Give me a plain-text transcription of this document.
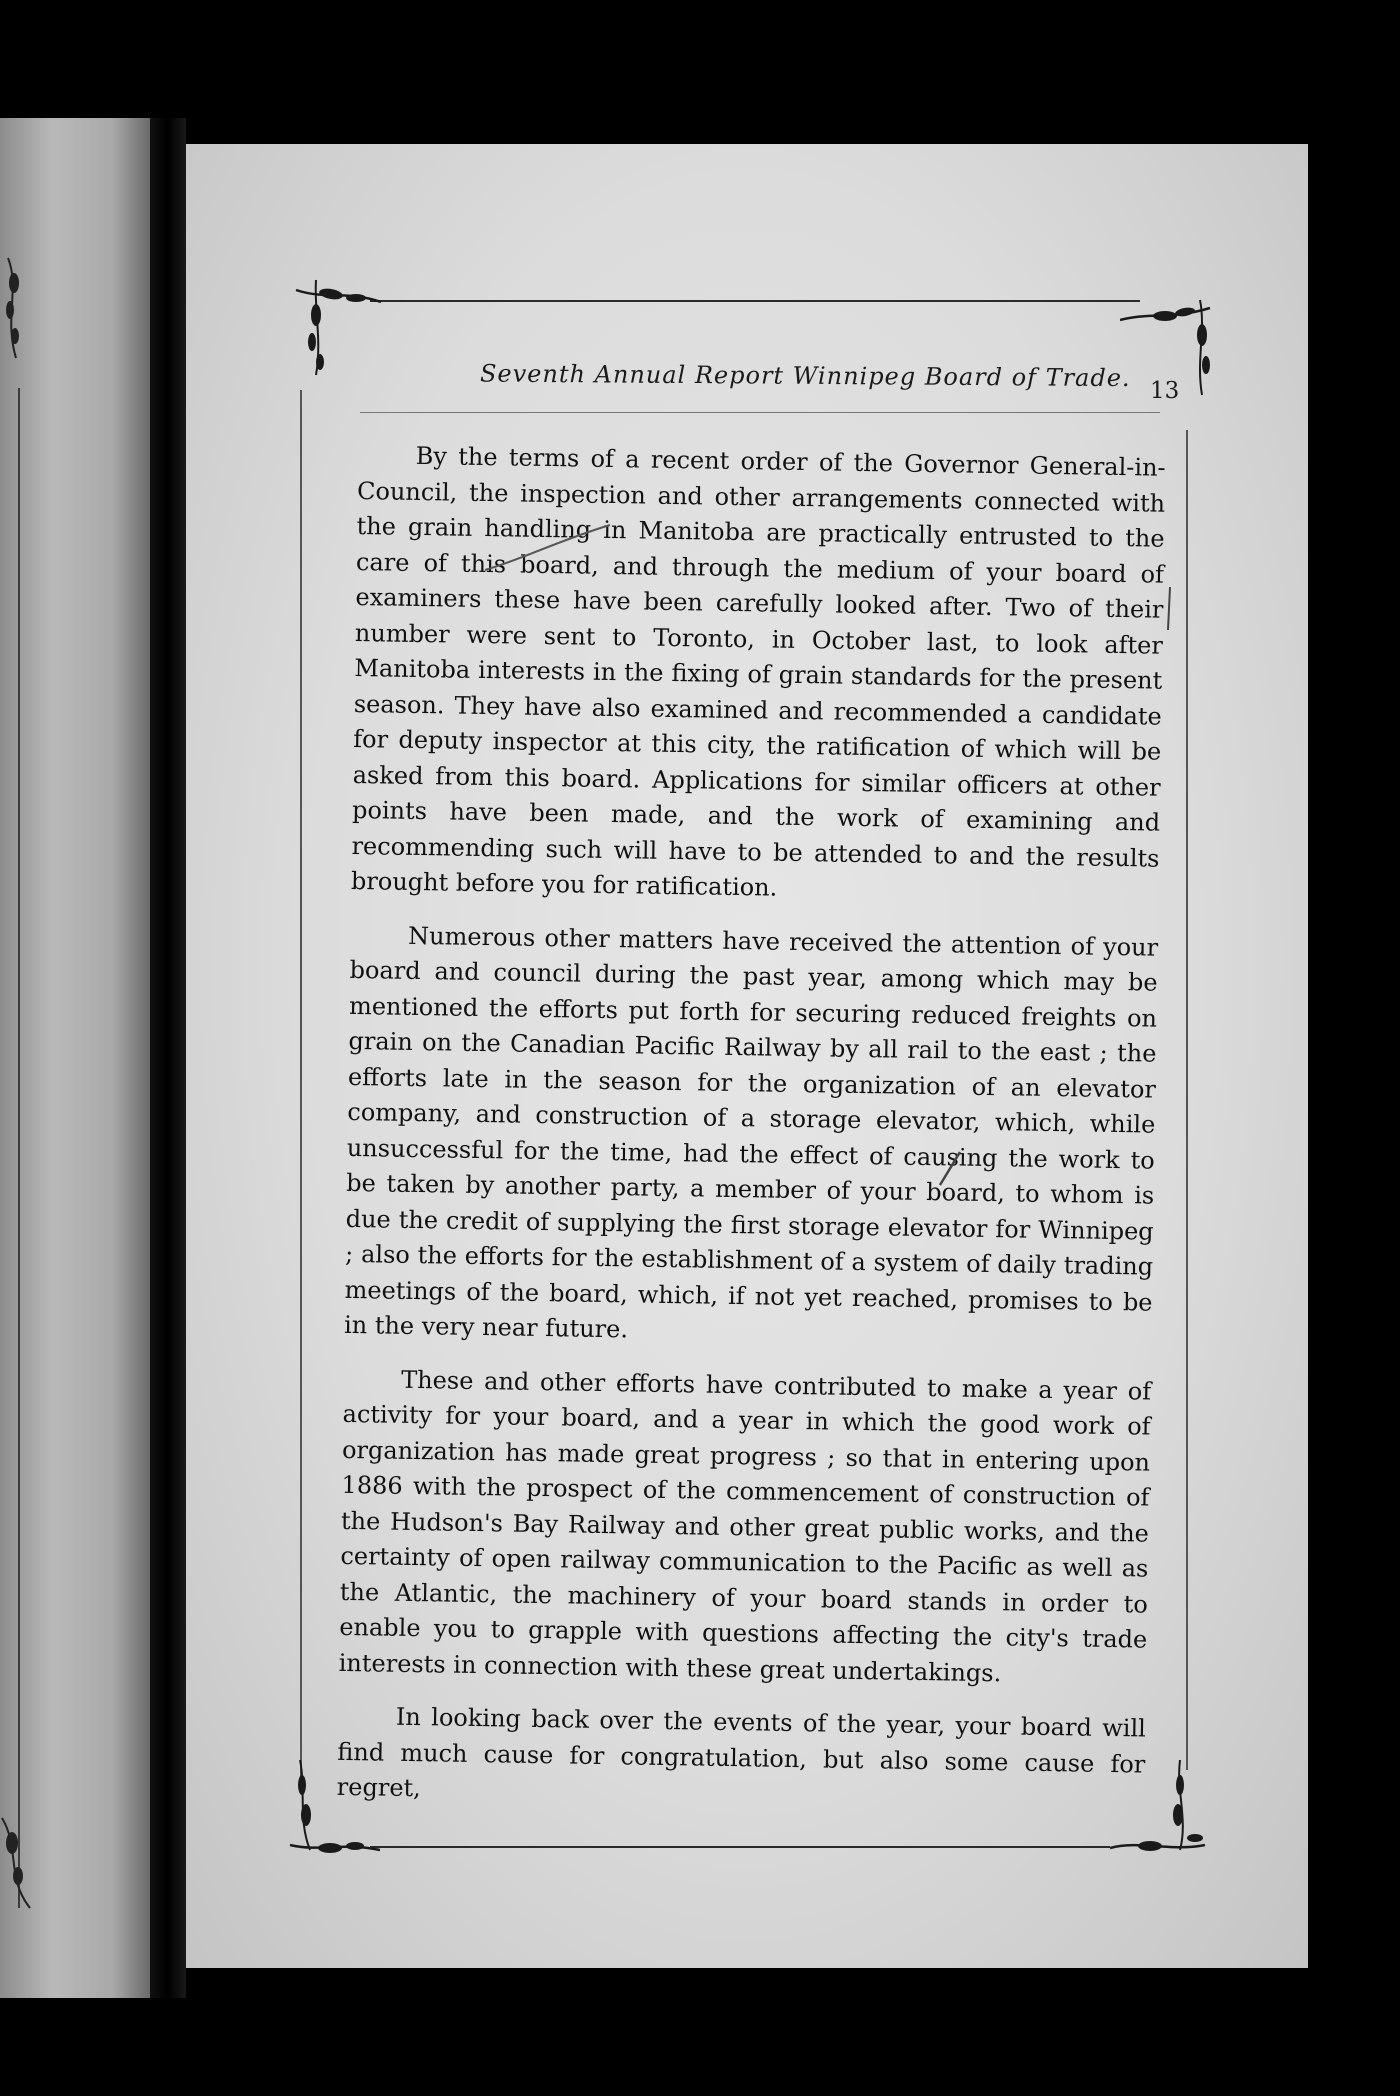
Seventh Annual Report Winnipeg Board of Trade. 13

By the terms of a recent order of the Governor General-in-Council, the inspection and other arrangements connected with the grain handling in Manitoba are practically entrusted to the care of this board, and through the medium of your board of examiners these have been carefully looked after. Two of their number were sent to Toronto, in October last, to look after Manitoba interests in the fixing of grain standards for the present season. They have also examined and recommended a candidate for deputy inspector at this city, the ratification of which will be asked from this board. Applications for similar officers at other points have been made, and the work of examining and recommending such will have to be attended to and the results brought before you for ratification.

Numerous other matters have received the attention of your board and council during the past year, among which may be mentioned the efforts put forth for securing reduced freights on grain on the Canadian Pacific Railway by all rail to the east ; the efforts late in the season for the organization of an elevator company, and construction of a storage elevator, which, while unsuccessful for the time, had the effect of causing the work to be taken by another party, a member of your board, to whom is due the credit of supplying the first storage elevator for Winnipeg ; also the efforts for the establishment of a system of daily trading meetings of the board, which, if not yet reached, promises to be in the very near future.

These and other efforts have contributed to make a year of activity for your board, and a year in which the good work of organization has made great progress ; so that in entering upon 1886 with the prospect of the commencement of construction of the Hudson's Bay Railway and other great public works, and the certainty of open railway communication to the Pacific as well as the Atlantic, the machinery of your board stands in order to enable you to grapple with questions affecting the city's trade interests in connection with these great undertakings.

In looking back over the events of the year, your board will find much cause for congratulation, but also some cause for regret,
